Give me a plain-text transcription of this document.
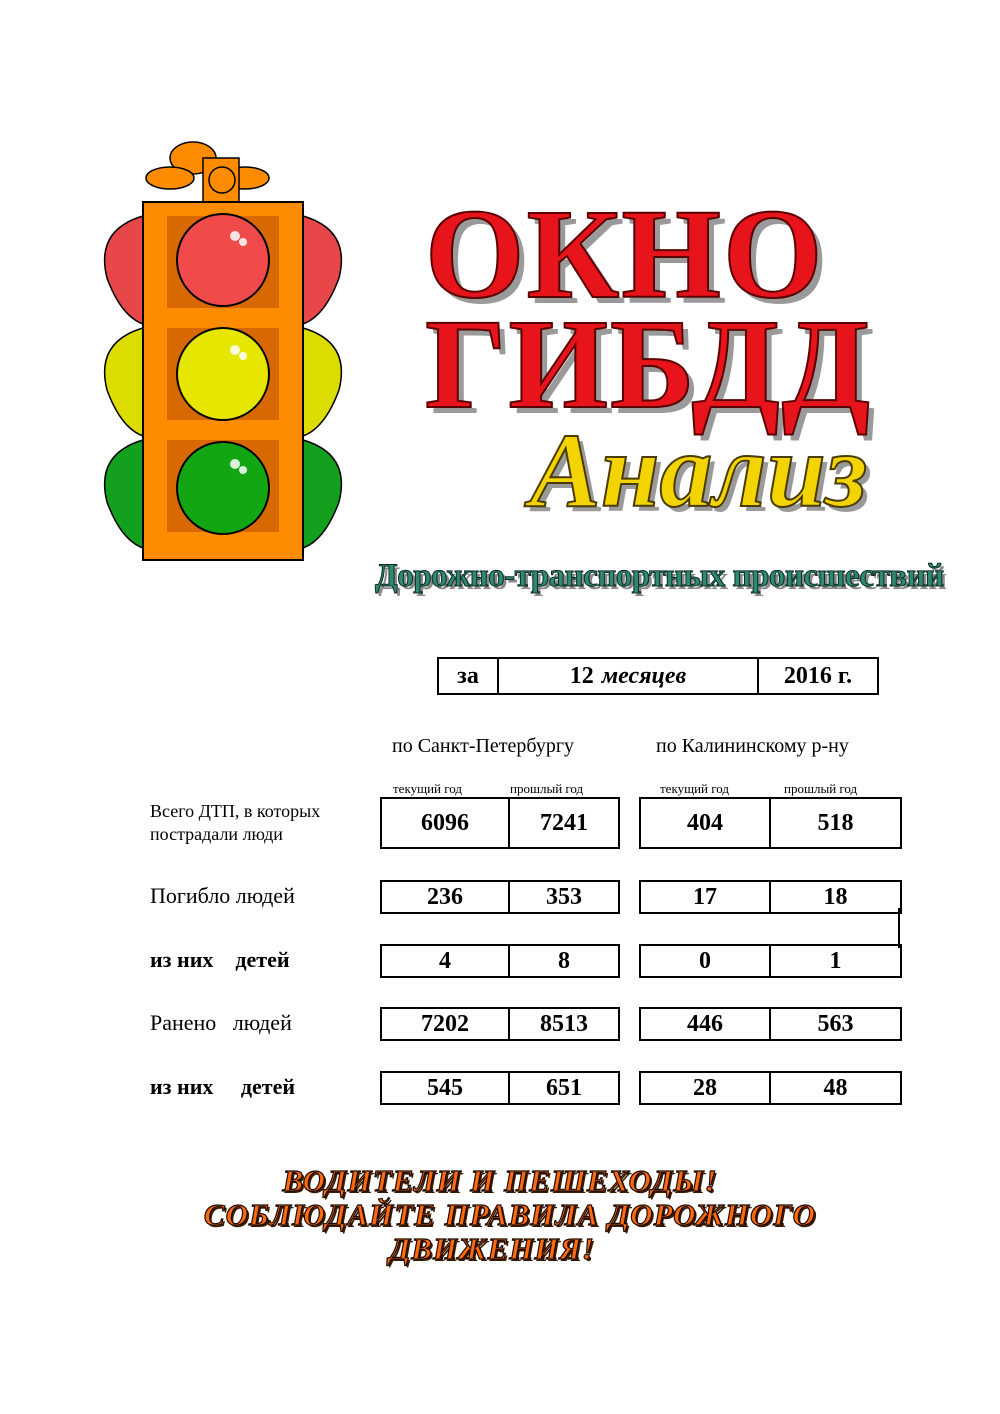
ОКНО
ГИБДД
Анализ
Дорожно-транспортных происшествий
за	12 месяцев	2016 г.
по Санкт-Петербургу	по Калининскому р-ну
текущий год	прошлый год	текущий год	прошлый год
Всего ДТП, в которых пострадали люди	6096	7241	404	518
Погибло людей	236	353	17	18
из них    детей	4	8	0	1
Ранено   людей	7202	8513	446	563
из них     детей	545	651	28	48
ВОДИТЕЛИ И ПЕШЕХОДЫ!
СОБЛЮДАЙТЕ ПРАВИЛА ДОРОЖНОГО
ДВИЖЕНИЯ!
